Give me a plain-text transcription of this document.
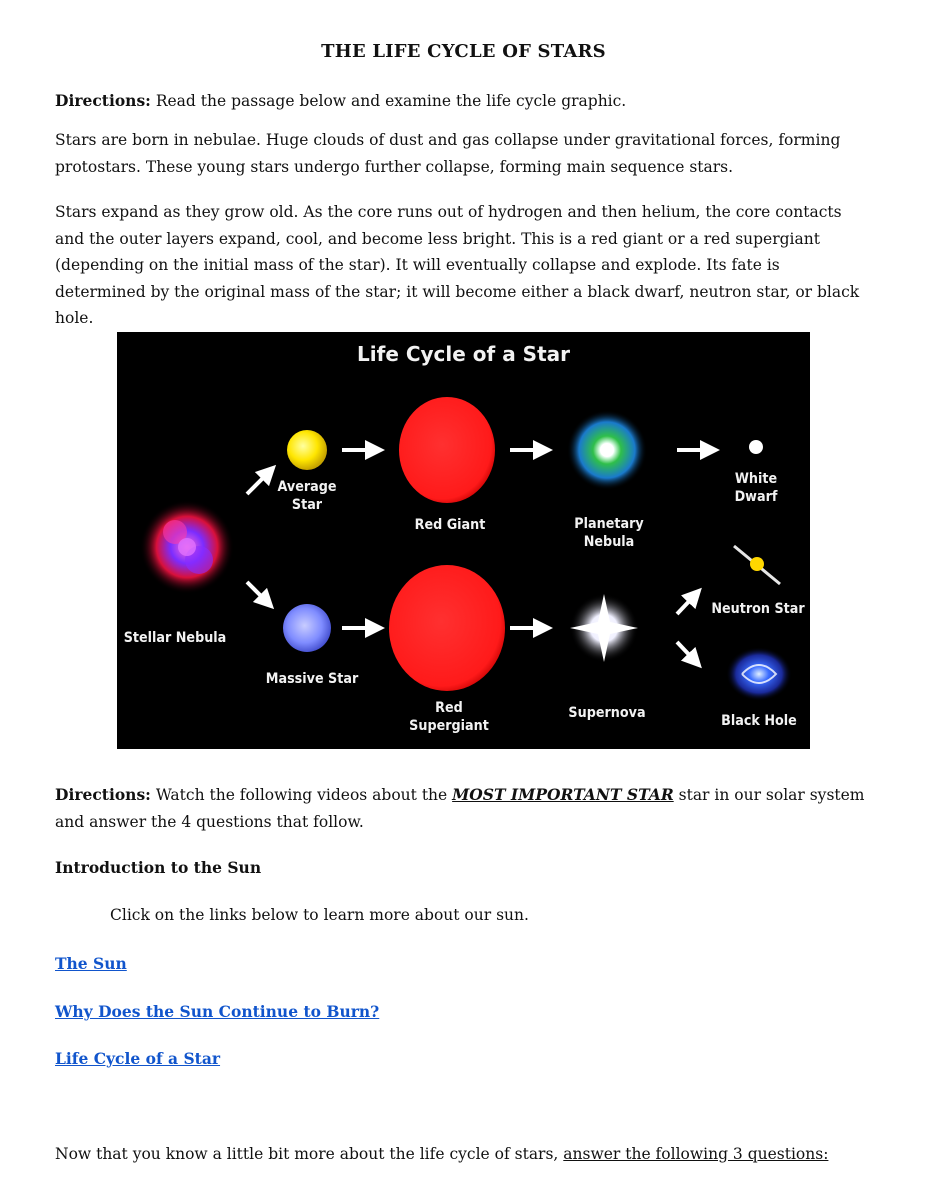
THE LIFE CYCLE OF STARS
Directions: Read the passage below and examine the life cycle graphic.
Stars are born in nebulae. Huge clouds of dust and gas collapse under gravitational forces, forming protostars. These young stars undergo further collapse, forming main sequence stars.
Stars expand as they grow old. As the core runs out of hydrogen and then helium, the core contacts and the outer layers expand, cool, and become less bright. This is a red giant or a red supergiant (depending on the initial mass of the star). It will eventually collapse and explode. Its fate is determined by the original mass of the star; it will become either a black dwarf, neutron star, or black hole.
Life Cycle of a Star
Stellar Nebula
Average
Star
Massive Star
Red Giant
Red
Supergiant
Planetary Nebula
Supernova
White
Dwarf
Neutron Star
Black Hole
Directions: Watch the following videos about the MOST IMPORTANT STAR star in our solar system and answer the 4 questions that follow.
Introduction to the Sun
Click on the links below to learn more about our sun.
The Sun
Why Does the Sun Continue to Burn?
Life Cycle of a Star
Now that you know a little bit more about the life cycle of stars, answer the following 3 questions:
